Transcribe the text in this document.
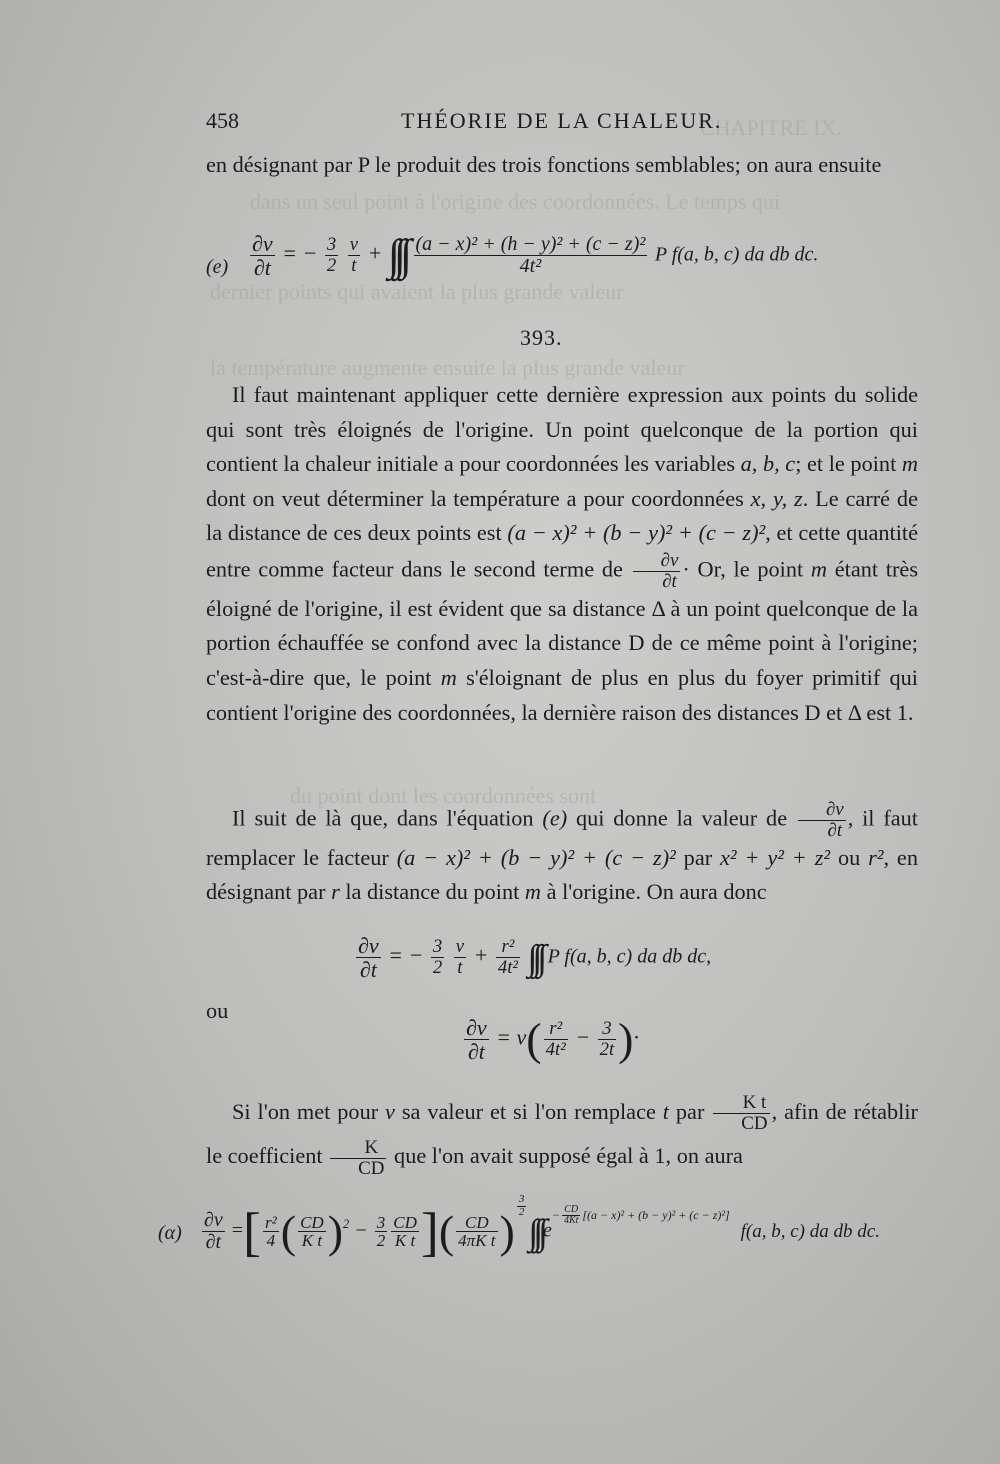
CHAPITRE IX.
dans un seul point à l'origine des coordonnées. Le temps qui
dernier points qui avaient la plus grande valeur
la température augmente ensuite la plus grande valeur
du point dont les coordonnées sont
458	THÉORIE DE LA CHALEUR.
en désignant par P le produit des trois fonctions semblables; on aura ensuite
$(e) \frac{\partial v}{\partial t}$ = − $\frac{3}{2}$
$\frac{v}{t}$ + ∫∫∫ $\frac{\text{(a − x)² + (h − y)² + (c − z)²}}{\text{4t²}}$ P f(a, b, c) da db dc.
393.
Il faut maintenant appliquer cette dernière expression aux points du solide qui sont très éloignés de l'origine. Un point quelconque de la portion qui contient la chaleur initiale a pour coordonnées les variables a, b, c; et le point m dont on veut déterminer la température a pour coordonnées x, y, z. Le carré de la distance de ces deux points est (a − x)² + (b − y)² + (c − z)², et cette quantité entre comme facteur dans le second terme de $\frac{\partial v}{\partial t} \cdot Or$, le point m étant très éloigné de l'origine, il est évident que sa distance Δ à un point quelconque de la portion échauffée se confond avec la distance D de ce même point à l'origine; c'est-à-dire que, le point m s'éloignant de plus en plus du foyer primitif qui contient l'origine des coordonnées, la dernière raison des distances D et Δ est 1.
Il suit de là que, dans l'équation (e) qui donne la valeur de $\frac{\partial v}{\partial t}$ , il faut remplacer le facteur (a − x)² + (b − y)² + (c − z)² par x² + y² + z² ou r², en désignant par r la distance du point m à l'origine. On aura donc
$\frac{\partial v}{\partial t}$ = − $\frac{3}{2}$
$\frac{v}{t} + \frac{\text{r²}}{\text{4t²}}$ ∫∫∫ P f(a, b, c) da db dc,
ou
$\frac{\partial v}{\partial t} = v( \frac{\text{r²}}{\text{4t²}} - \frac{3}{2t}$ )·
Si l'on met pour v sa valeur et si l'on remplace t par $\frac{\text{K t}}{CD}$ , afin de rétablir le coefficient $\frac{K}{CD}$ que l'on avait supposé égal à 1, on aura
$(\alpha) \frac{\partial v}{\partial t}$ =[ $\frac{\text{r²}}{4}$ ( $\frac{CD}{\text{K t}} )^2 - \frac{3}{2} \frac{CD}{\text{K t}}$ ]( $\frac{CD}{\text{4πK t}}$ ) $\frac{3}{2}$
$\int\int\int e^{- \frac{CD}{4Kt} [(a - x)^2 + (b - y)^2 + (c - z)^2]}$ f(a, b, c) da db dc.
